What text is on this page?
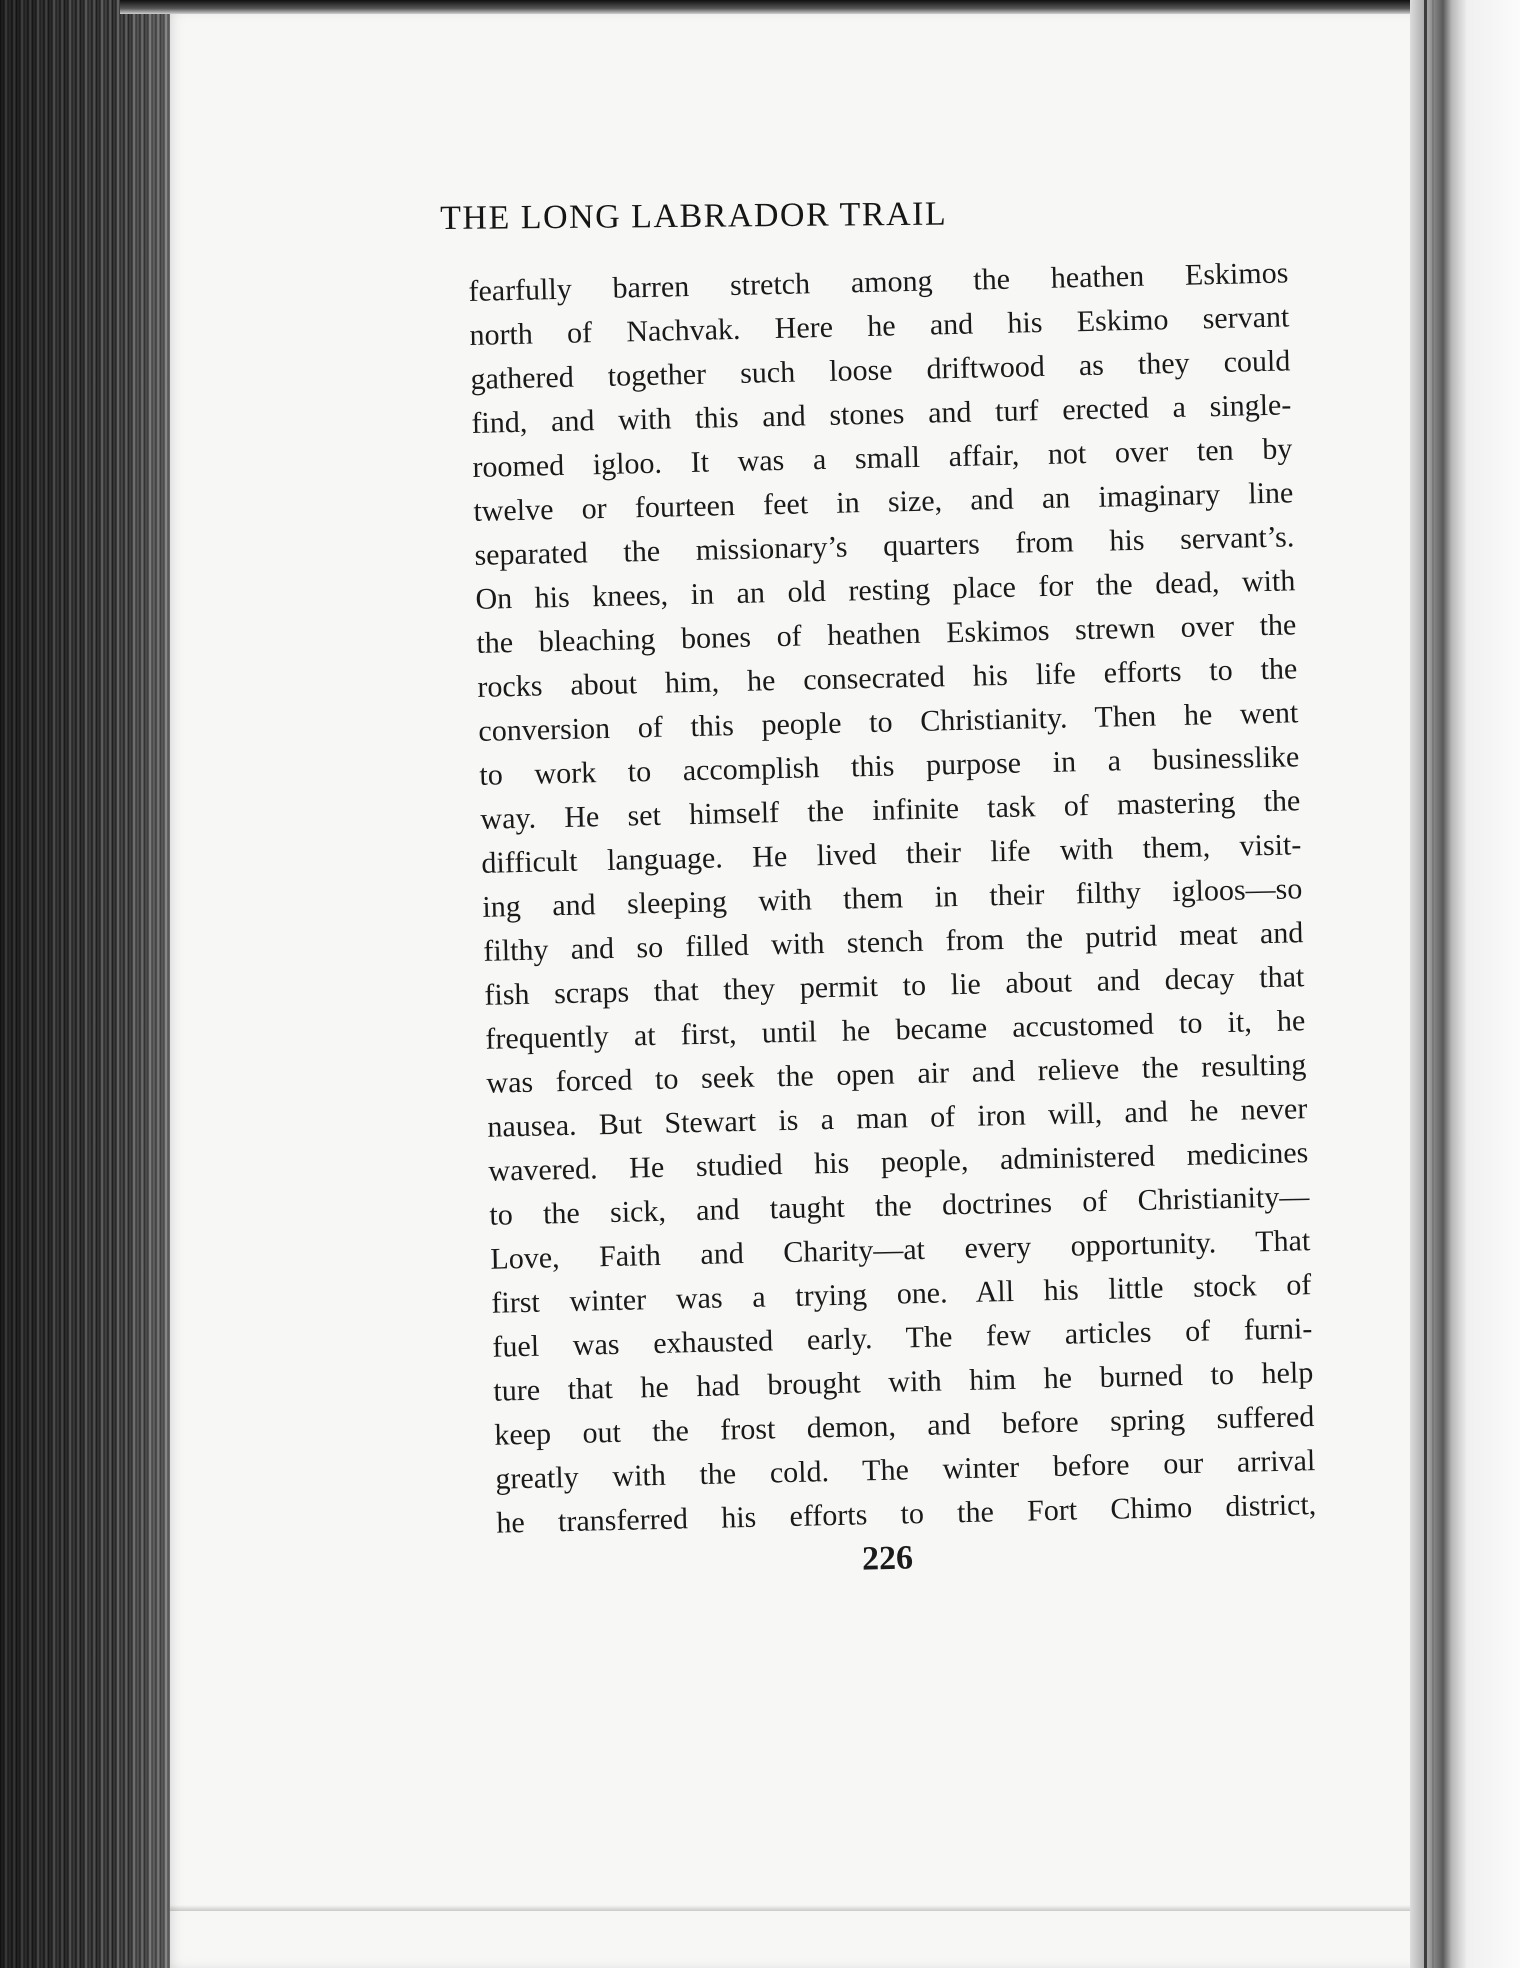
THE LONG LABRADOR TRAIL
fearfully barren stretch among the heathen Eskimos
north of Nachvak. Here he and his Eskimo servant
gathered together such loose driftwood as they could
find, and with this and stones and turf erected a single-
roomed igloo. It was a small affair, not over ten by
twelve or fourteen feet in size, and an imaginary line
separated the missionary’s quarters from his servant’s.
On his knees, in an old resting place for the dead, with
the bleaching bones of heathen Eskimos strewn over the
rocks about him, he consecrated his life efforts to the
conversion of this people to Christianity. Then he went
to work to accomplish this purpose in a businesslike
way. He set himself the infinite task of mastering the
difficult language. He lived their life with them, visit-
ing and sleeping with them in their filthy igloos—so
filthy and so filled with stench from the putrid meat and
fish scraps that they permit to lie about and decay that
frequently at first, until he became accustomed to it, he
was forced to seek the open air and relieve the resulting
nausea. But Stewart is a man of iron will, and he never
wavered. He studied his people, administered medicines
to the sick, and taught the doctrines of Christianity—
Love, Faith and Charity—at every opportunity. That
first winter was a trying one. All his little stock of
fuel was exhausted early. The few articles of furni-
ture that he had brought with him he burned to help
keep out the frost demon, and before spring suffered
greatly with the cold. The winter before our arrival
he transferred his efforts to the Fort Chimo district,
226
